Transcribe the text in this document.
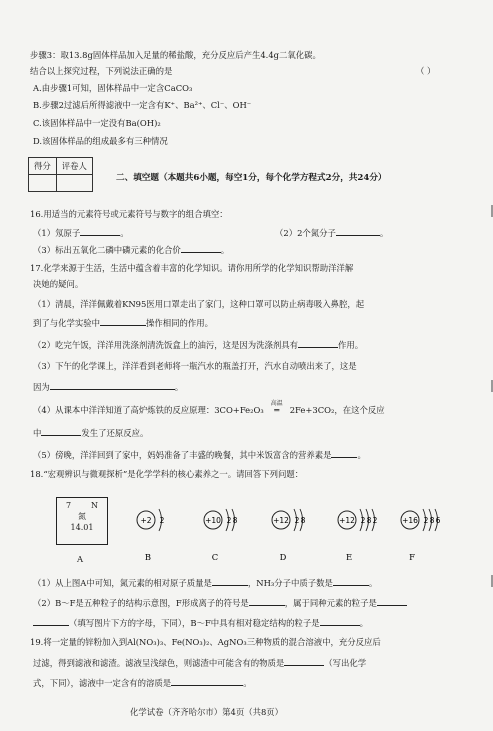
步骤3：取13.8g固体样品加入足量的稀盐酸，充分反应后产生4.4g二氧化碳。
结合以上探究过程，下列说法正确的是	（ ）
A.由步骤1可知，固体样品中一定含CaCO₃
B.步骤2过滤后所得滤液中一定含有K⁺、Ba²⁺、Cl⁻、OH⁻
C.该固体样品中一定没有Ba(OH)₂
D.该固体样品的组成最多有三种情况
得分	评卷人

二、填空题（本题共6小题，每空1分，每个化学方程式2分，共24分）
16.用适当的元素符号或元素符号与数字的组合填空：
（1）氖原子	。	（2）2个氮分子	。
（3）标出五氧化二磷中磷元素的化合价	。
17.化学来源于生活，生活中蕴含着丰富的化学知识。请你用所学的化学知识帮助洋洋解
决她的疑问。
（1）清晨，洋洋佩戴着KN95医用口罩走出了家门，这种口罩可以防止病毒吸入鼻腔，起
到了与化学实验中	操作相同的作用。
（2）吃完午饭，洋洋用洗涤剂清洗饭盒上的油污，这是因为洗涤剂具有	作用。
（3）下午的化学课上，洋洋看到老师将一瓶汽水的瓶盖打开，汽水自动喷出来了，这是
因为	。
（4）从课本中洋洋知道了高炉炼铁的反应原理：3CO+Fe₂O₃
高温
═ 2Fe+3CO₂，在这个反应
中	发生了还原反应。
（5）傍晚，洋洋回到了家中，妈妈准备了丰盛的晚餐，其中米饭富含的营养素是	。
18.“宏观辨识与微观探析”是化学学科的核心素养之一。请回答下列问题：
7 N
氮
14.01
A
+2 2
B
+10 2 8
C
+12 2 8
D
+12 2 8 2
E
+16 2 8 6
F
（1）从上图A中可知，氮元素的相对原子质量是	，NH₃分子中质子数是	。
（2）B～F是五种粒子的结构示意图，F形成离子的符号是	，属于同种元素的粒子是
（填写图片下方的字母，下同），B～F中具有相对稳定结构的粒子是	。
19.将一定量的锌粉加入到Al(NO₃)₃、Fe(NO₃)₂、AgNO₃三种物质的混合溶液中，充分反应后
过滤，得到滤液和滤渣。滤液呈浅绿色，则滤渣中可能含有的物质是	（写出化学
式，下同），滤液中一定含有的溶质是	。
化学试卷（齐齐哈尔市）第4页（共8页）
